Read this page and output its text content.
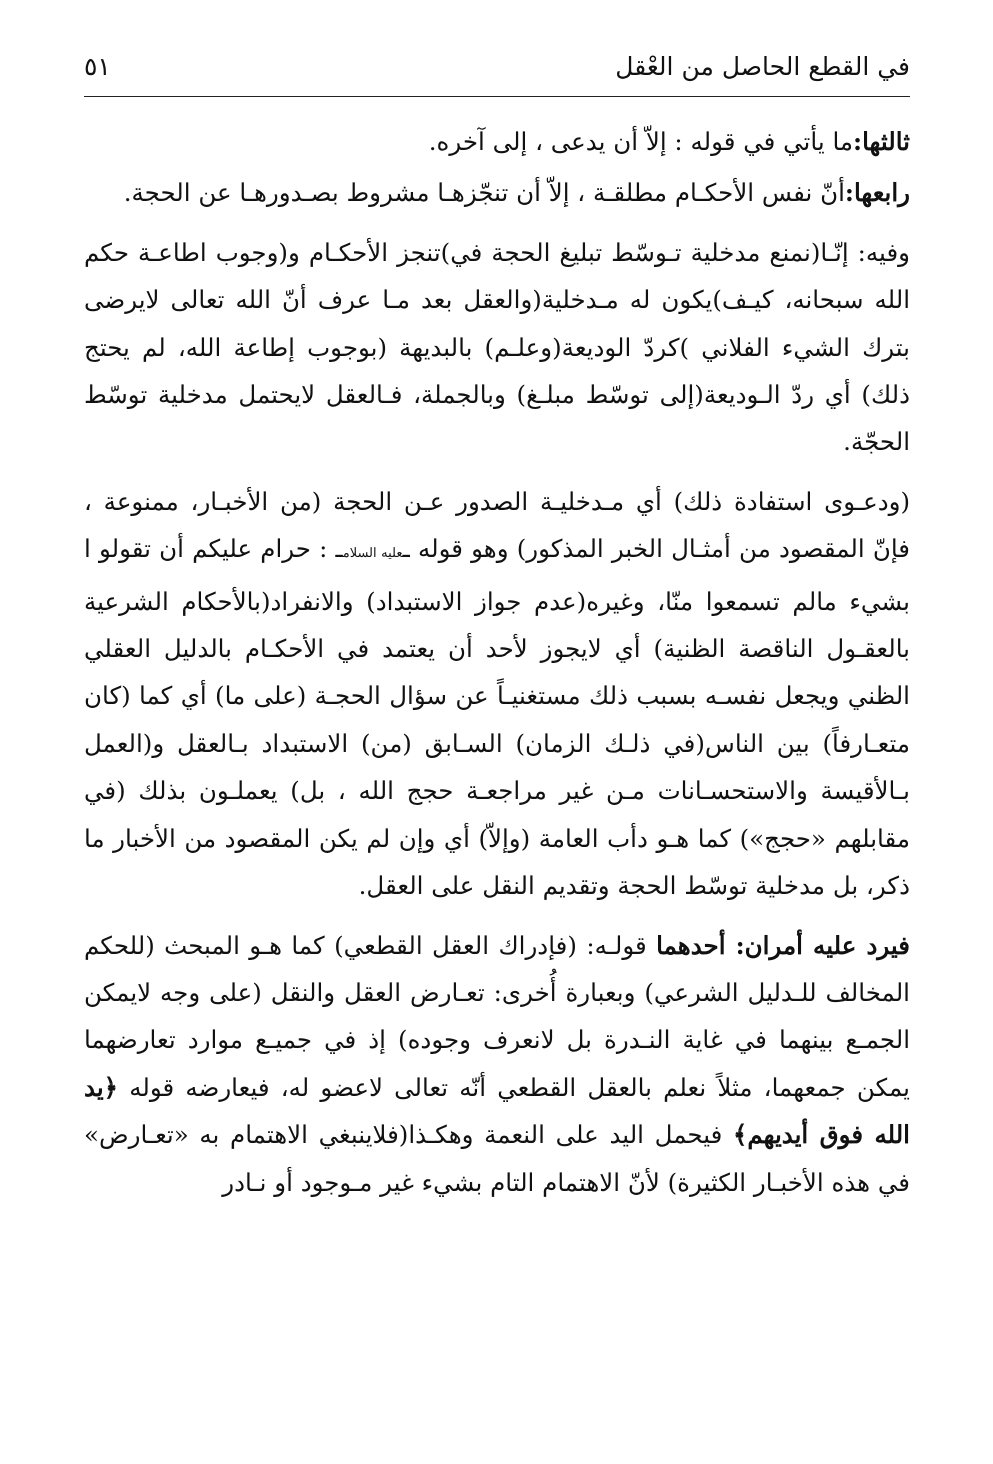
في القطع الحاصل من العْقل
٥١

ثالثها:ما يأتي في قوله : إلاّ أن يدعى ، إلى آخره.

رابعها:أنّ نفس الأحكـام مطلقـة ، إلاّ أن تنجّزهـا مشروط بصـدورهـا عن الحجة.

وفيه: إنّـا(نمنع مدخلية تـوسّط تبليغ الحجة في)تنجز الأحكـام و(وجوب اطاعـة حكم الله سبحانه، كيـف)يكون له مـدخلية(والعقل بعد مـا عرف أنّ الله تعالى لايرضى بترك الشيء الفلاني )كردّ الوديعة(وعلـم) بالبديهة (بوجوب إطاعة الله، لم يحتج ذلك) أي ردّ الـوديعة(إلى توسّط مبلـغ) وبالجملة، فـالعقل لايحتمل مدخلية توسّط الحجّة.

(ودعـوى استفادة ذلك) أي مـدخليـة الصدور عـن الحجة (من الأخبـار، ممنوعة ، فإنّ المقصود من أمثـال الخبر المذكور) وهو قوله ـعليه السلامـ : حرام عليكم أن تقولو ا بشيء مالم تسمعوا منّا، وغيره(عدم جواز الاستبداد) والانفراد(بالأحكام الشرعية بالعقـول الناقصة الظنية) أي لايجوز لأحد أن يعتمد في الأحكـام بالدليل العقلي الظني ويجعل نفسـه بسبب ذلك مستغنيـاً عن سؤال الحجـة (على ما) أي كما (كان متعـارفاً) بين الناس(في ذلـك الزمان) السـابق (من) الاستبداد بـالعقل و(العمل بـالأقيسة والاستحسـانات مـن غير مراجعـة حجج الله ، بل) يعملـون بذلك (في مقابلهم «حجج») كما هـو دأب العامة (وإلاّ) أي وإن لم يكن المقصود من الأخبار ما ذكر، بل مدخلية توسّط الحجة وتقديم النقل على العقل.

فيرد عليه أمران: أحدهما قولـه: (فإدراك العقل القطعي) كما هـو المبحث (للحكم المخالف للـدليل الشرعي) وبعبارة أُخرى: تعـارض العقل والنقل (على وجه لايمكن الجمـع بينهما في غاية النـدرة بل لانعرف وجوده) إذ في جميـع موارد تعارضهما يمكن جمعهما، مثلاً نعلم بالعقل القطعي أنّه تعالى لاعضو له، فيعارضه قوله ﴿يد الله فوق أيديهم﴾ فيحمل اليد على النعمة وهكـذا(فلاينبغي الاهتمام به «تعـارض» في هذه الأخبـار الكثيرة) لأنّ الاهتمام التام بشيء غير مـوجود أو نـادر
